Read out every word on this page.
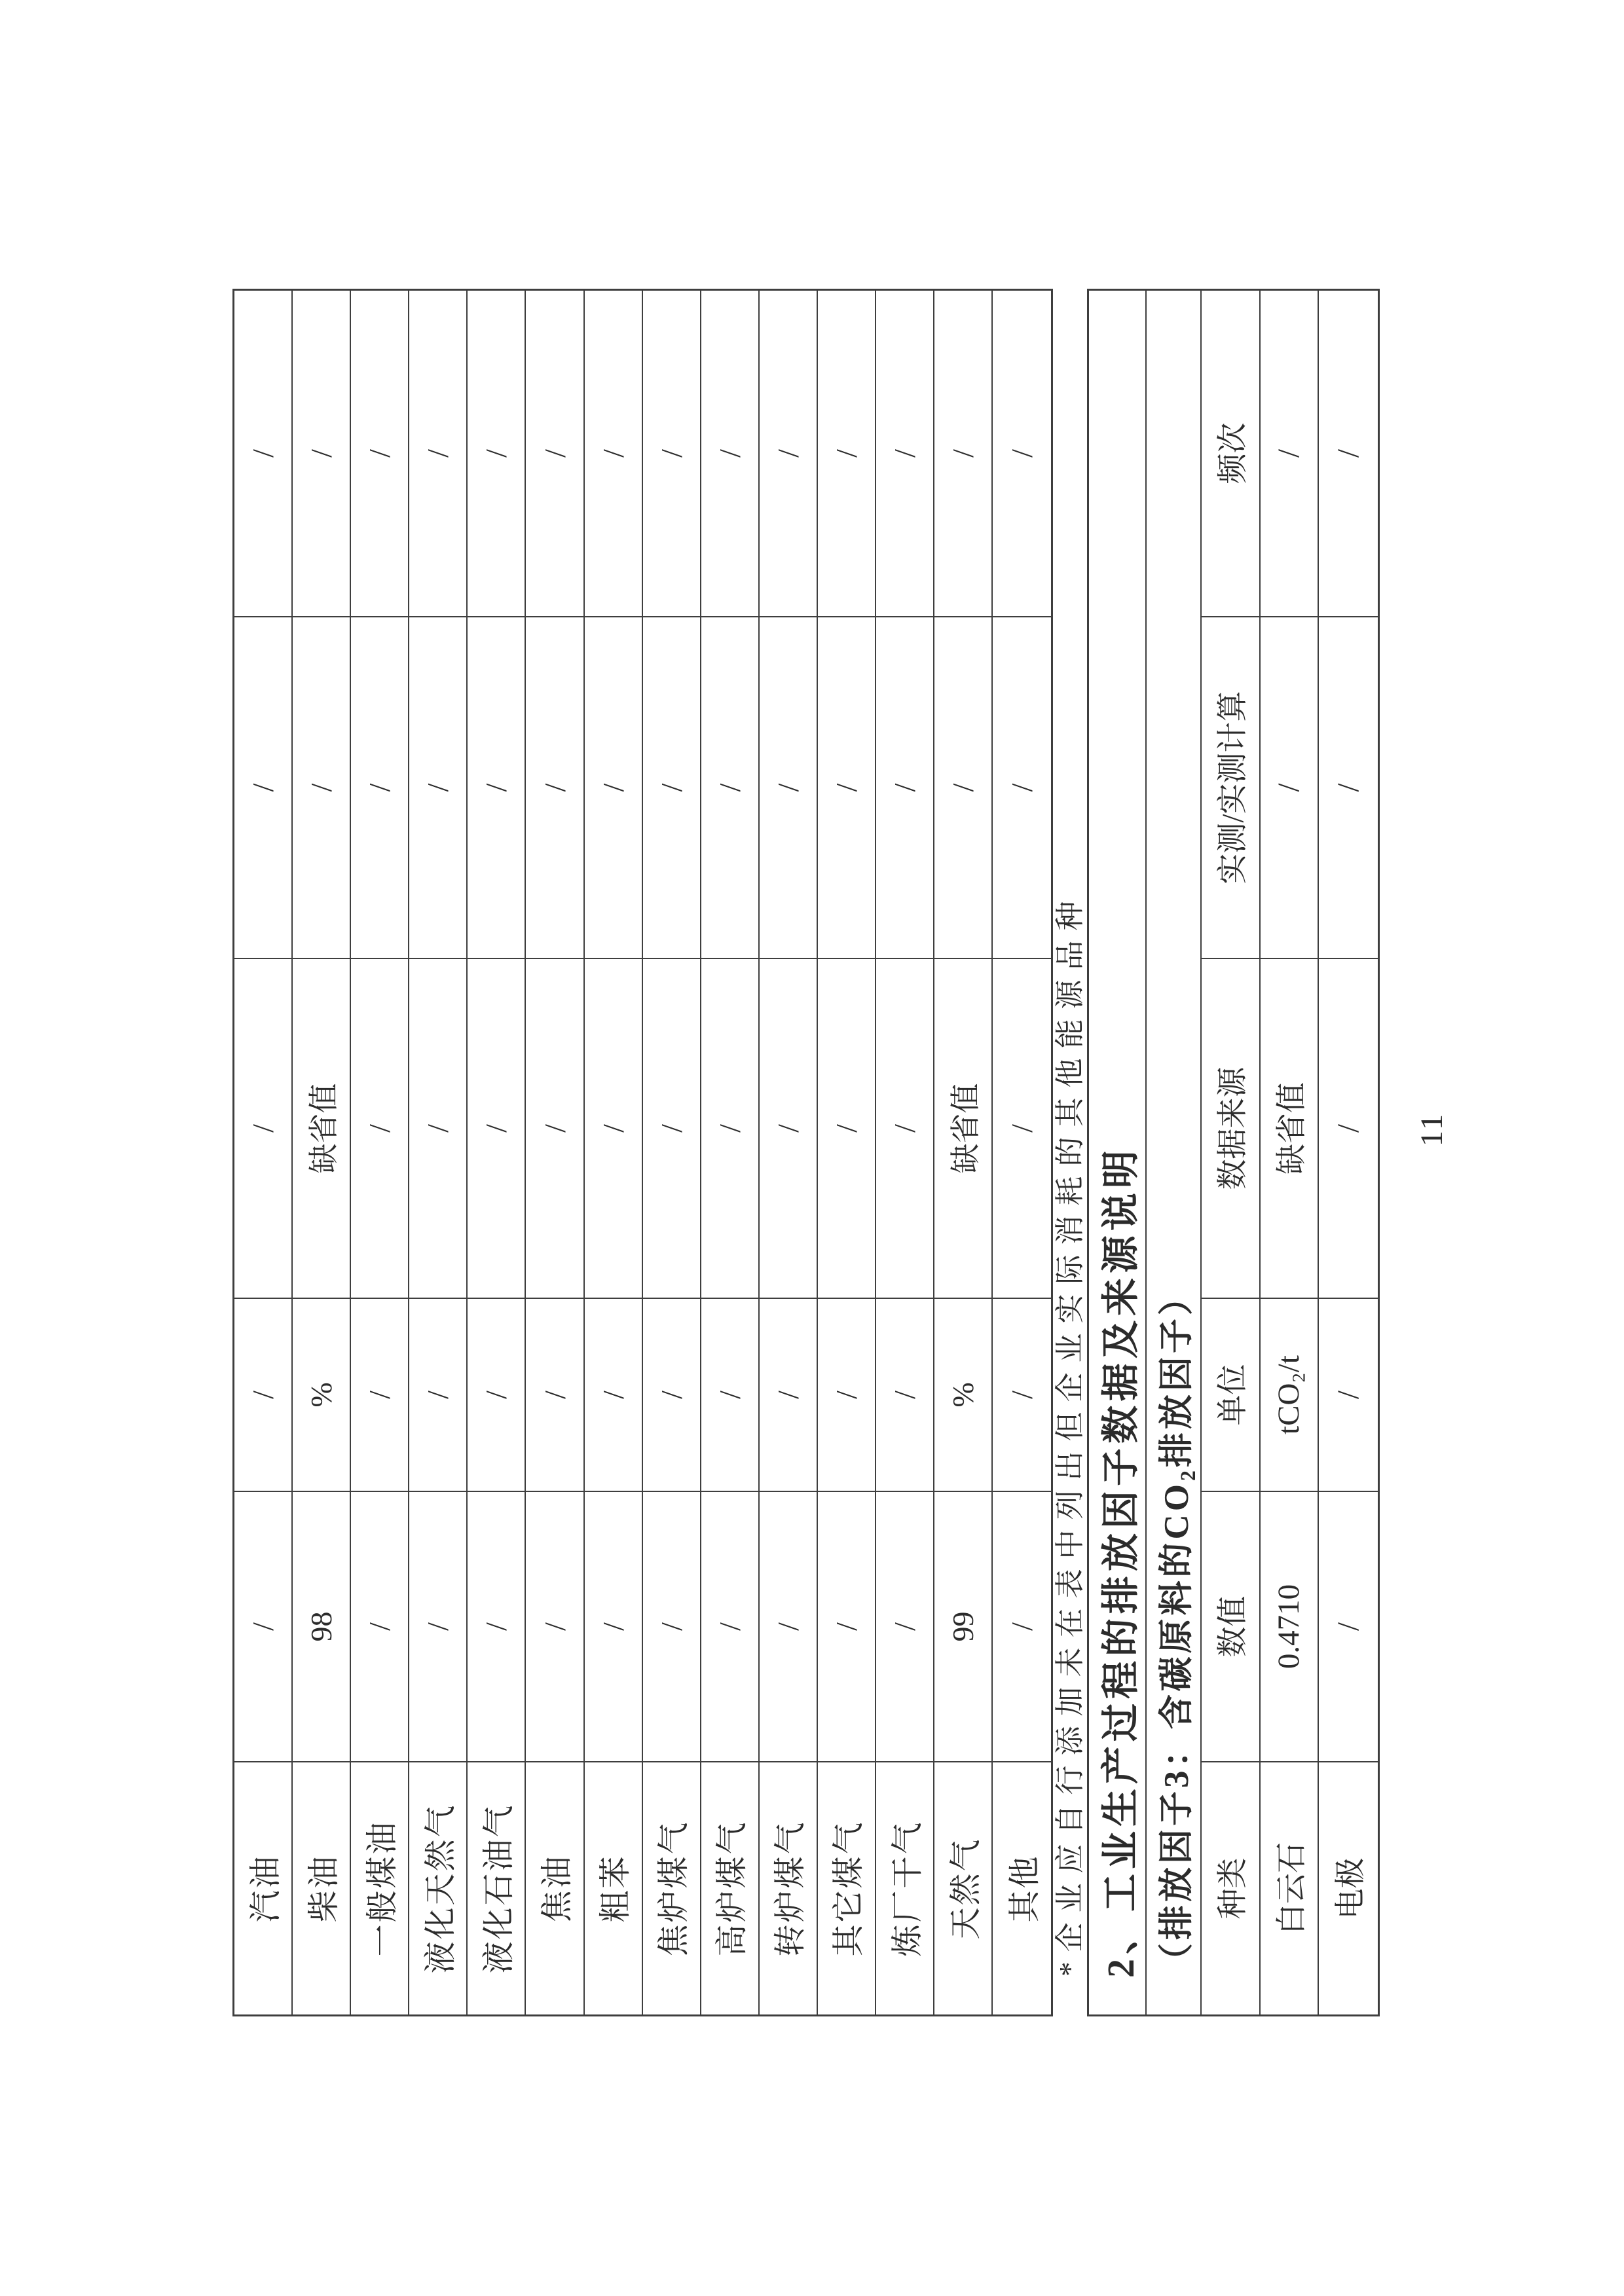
汽油
/
/
/
/
/
柴油
98
%
缺省值
/
/
一般煤油
/
/
/
/
/
液化天然气
/
/
/
/
/
液化石油气
/
/
/
/
/
焦油
/
/
/
/
/
粗苯
/
/
/
/
/
焦炉煤气
/
/
/
/
/
高炉煤气
/
/
/
/
/
转炉煤气
/
/
/
/
/
其它煤气
/
/
/
/
/
炼厂干气
/
/
/
/
/
天然气
99
%
缺省值
/
/
其他
/
/
/
/
/
*企业应自行添加未在表中列出但企业实际消耗的其他能源品种 2、工业生产过程的排放因子数据及来源说明 （排放因子3：含碳原料的CO₂排放因子） 种类
数值
单位
数据来源
实测/实测计算
频次
白云石
0.4710
tCO₂/t
缺省值
/
/
电极
/
/
/
/
/
11
